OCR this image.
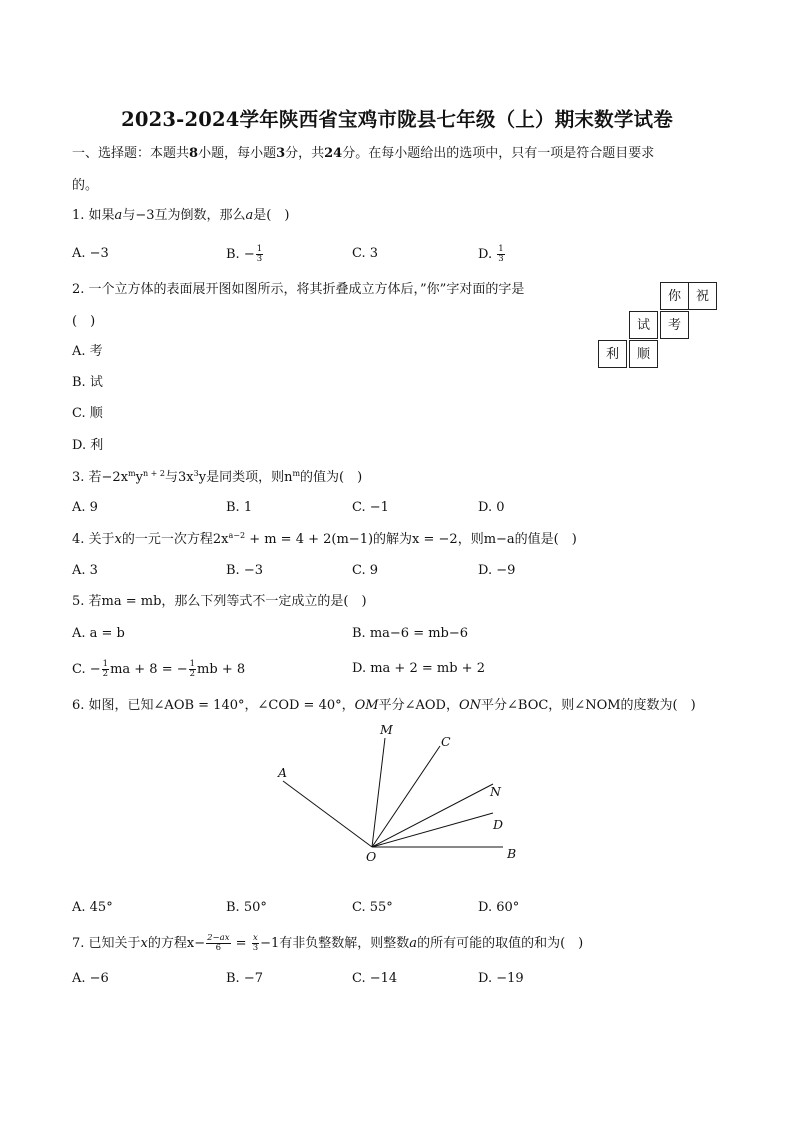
2023-2024学年陕西省宝鸡市陇县七年级（上）期末数学试卷
一、选择题：本题共8小题，每小题3分，共24分。在每小题给出的选项中，只有一项是符合题目要求
的。
1. 如果a与−3互为倒数，那么a是(　)
A. −3	B. − $\frac{1}{3}$	C. 3	D. $\frac{1}{3}$
2. 一个立方体的表面展开图如图所示，将其折叠成立方体后，”你”字对面的字是
(　)
A. 考
B. 试
C. 顺
D. 利
你	祝
试	考
利	顺
3. 若$-2x^my^{n + 2}$与$3x^3y$是同类项，则$n^m$的值为(　)
A. 9	B. 1	C. −1	D. 0
4. 关于x的一元一次方程$2x^{a-2} + m = 4 + 2(m-1)$的解为x = −2，则m−a的值是(　)
A. 3	B. −3	C. 9	D. −9
5. 若ma = mb，那么下列等式不一定成立的是(　)
A. a = b	B. ma−6 = mb−6
C. − $\frac{1}{2}$ ma + 8 = − $\frac{1}{2}$ mb + 8	D. ma + 2 = mb + 2
6. 如图，已知∠AOB = 140°，∠COD = 40°，OM平分∠AOD，ON平分∠BOC，则∠NOM的度数为(　)
A
M
C
N
D
O	B
A. 45°	B. 50°	C. 55°	D. 60°
7. 已知关于x的方程$x- \frac{2-ax}{6} = \frac{x}{3} -1$有非负整数解，则整数a的所有可能的取值的和为(　)
A. −6	B. −7	C. −14	D. −19
